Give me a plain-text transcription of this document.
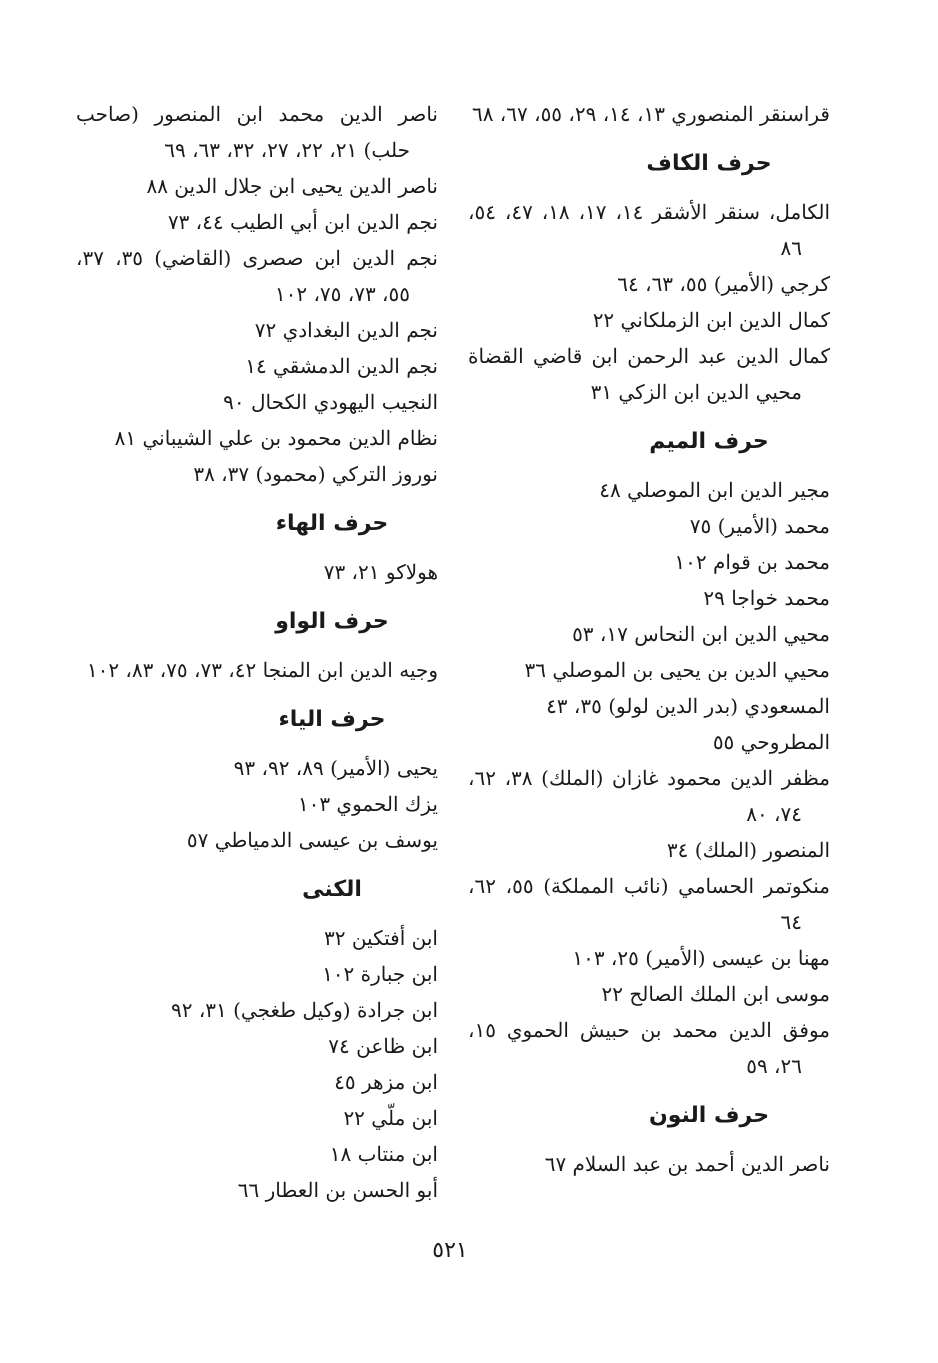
قراسنقر المنصوري ١٣، ١٤، ٢٩، ٥٥، ٦٧، ٦٨
حرف الكاف
الكامل، سنقر الأشقر ١٤، ١٧، ١٨، ٤٧، ٥٤، ٨٦
كرجي (الأمير) ٥٥، ٦٣، ٦٤
كمال الدين ابن الزملكاني ٢٢
كمال الدين عبد الرحمن ابن قاضي القضاة محيي الدين ابن الزكي ٣١
حرف الميم
مجير الدين ابن الموصلي ٤٨
محمد (الأمير) ٧٥
محمد بن قوام ١٠٢
محمد خواجا ٢٩
محيي الدين ابن النحاس ١٧، ٥٣
محيي الدين بن يحيى بن الموصلي ٣٦
المسعودي (بدر الدين لولو) ٣٥، ٤٣
المطروحي ٥٥
مظفر الدين محمود غازان (الملك) ٣٨، ٦٢، ٧٤، ٨٠
المنصور (الملك) ٣٤
منكوتمر الحسامي (نائب المملكة) ٥٥، ٦٢، ٦٤
مهنا بن عيسى (الأمير) ٢٥، ١٠٣
موسى ابن الملك الصالح ٢٢
موفق الدين محمد بن حبيش الحموي ١٥، ٢٦، ٥٩
حرف النون
ناصر الدين أحمد بن عبد السلام ٦٧
ناصر الدين محمد ابن المنصور (صاحب حلب) ٢١، ٢٢، ٢٧، ٣٢، ٦٣، ٦٩
ناصر الدين يحيى ابن جلال الدين ٨٨
نجم الدين ابن أبي الطيب ٤٤، ٧٣
نجم الدين ابن صصرى (القاضي) ٣٥، ٣٧، ٥٥، ٧٣، ٧٥، ١٠٢
نجم الدين البغدادي ٧٢
نجم الدين الدمشقي ١٤
النجيب اليهودي الكحال ٩٠
نظام الدين محمود بن علي الشيباني ٨١
نوروز التركي (محمود) ٣٧، ٣٨
حرف الهاء
هولاكو ٢١، ٧٣
حرف الواو
وجيه الدين ابن المنجا ٤٢، ٧٣، ٧٥، ٨٣، ١٠٢
حرف الياء
يحيى (الأمير) ٨٩، ٩٢، ٩٣
يزك الحموي ١٠٣
يوسف بن عيسى الدمياطي ٥٧
الكنى
ابن أفتكين ٣٢
ابن جبارة ١٠٢
ابن جرادة (وكيل طغجي) ٣١، ٩٢
ابن ظاعن ٧٤
ابن مزهر ٤٥
ابن ملّي ٢٢
ابن منتاب ١٨
أبو الحسن بن العطار ٦٦
٥٢١
